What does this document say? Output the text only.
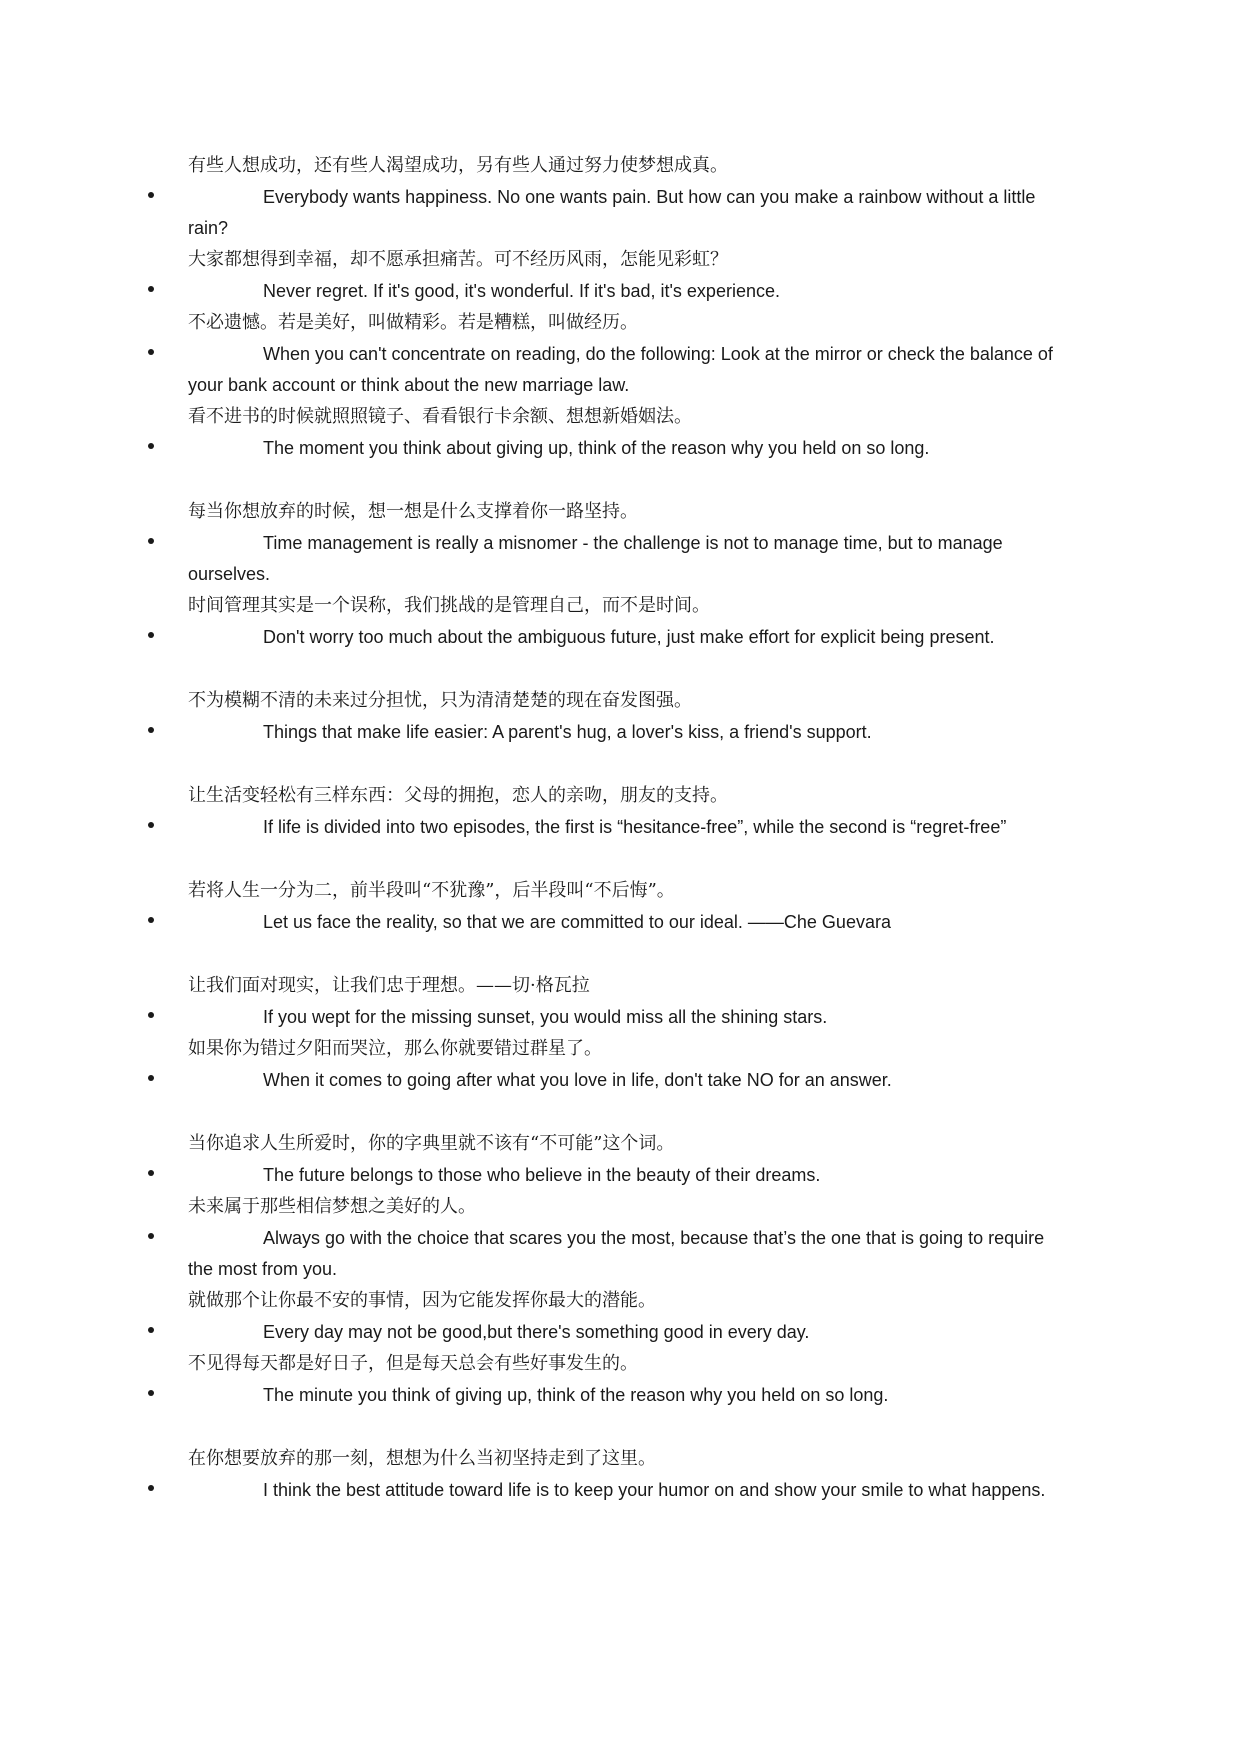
有些人想成功，还有些人渴望成功，另有些人通过努力使梦想成真。
Everybody wants happiness. No one wants pain. But how can you make a rainbow without a little rain?
大家都想得到幸福，却不愿承担痛苦。可不经历风雨，怎能见彩虹？
Never regret. If it's good, it's wonderful. If it's bad, it's experience.
不必遗憾。若是美好，叫做精彩。若是糟糕，叫做经历。
When you can't concentrate on reading, do the following: Look at the mirror or check the balance of your bank account or think about the new marriage law.
看不进书的时候就照照镜子、看看银行卡余额、想想新婚姻法。
The moment you think about giving up, think of the reason why you held on so long.
每当你想放弃的时候，想一想是什么支撑着你一路坚持。
Time management is really a misnomer - the challenge is not to manage time, but to manage ourselves.
时间管理其实是一个误称，我们挑战的是管理自己，而不是时间。
Don't worry too much about the ambiguous future, just make effort for explicit being present.
不为模糊不清的未来过分担忧，只为清清楚楚的现在奋发图强。
Things that make life easier: A parent's hug, a lover's kiss, a friend's support.
让生活变轻松有三样东西：父母的拥抱，恋人的亲吻，朋友的支持。
If life is divided into two episodes, the first is “hesitance-free”, while the second is “regret-free”
若将人生一分为二，前半段叫“不犹豫”，后半段叫“不后悔”。
Let us face the reality, so that we are committed to our ideal. ——Che Guevara
让我们面对现实，让我们忠于理想。——切·格瓦拉
If you wept for the missing sunset, you would miss all the shining stars.
如果你为错过夕阳而哭泣，那么你就要错过群星了。
When it comes to going after what you love in life, don't take NO for an answer.
当你追求人生所爱时，你的字典里就不该有“不可能”这个词。
The future belongs to those who believe in the beauty of their dreams.
未来属于那些相信梦想之美好的人。
Always go with the choice that scares you the most, because that’s the one that is going to require the most from you.
就做那个让你最不安的事情，因为它能发挥你最大的潜能。
Every day may not be good,but there's something good in every day.
不见得每天都是好日子，但是每天总会有些好事发生的。
The minute you think of giving up, think of the reason why you held on so long.
在你想要放弃的那一刻，想想为什么当初坚持走到了这里。
I think the best attitude toward life is to keep your humor on and show your smile to what happens.
